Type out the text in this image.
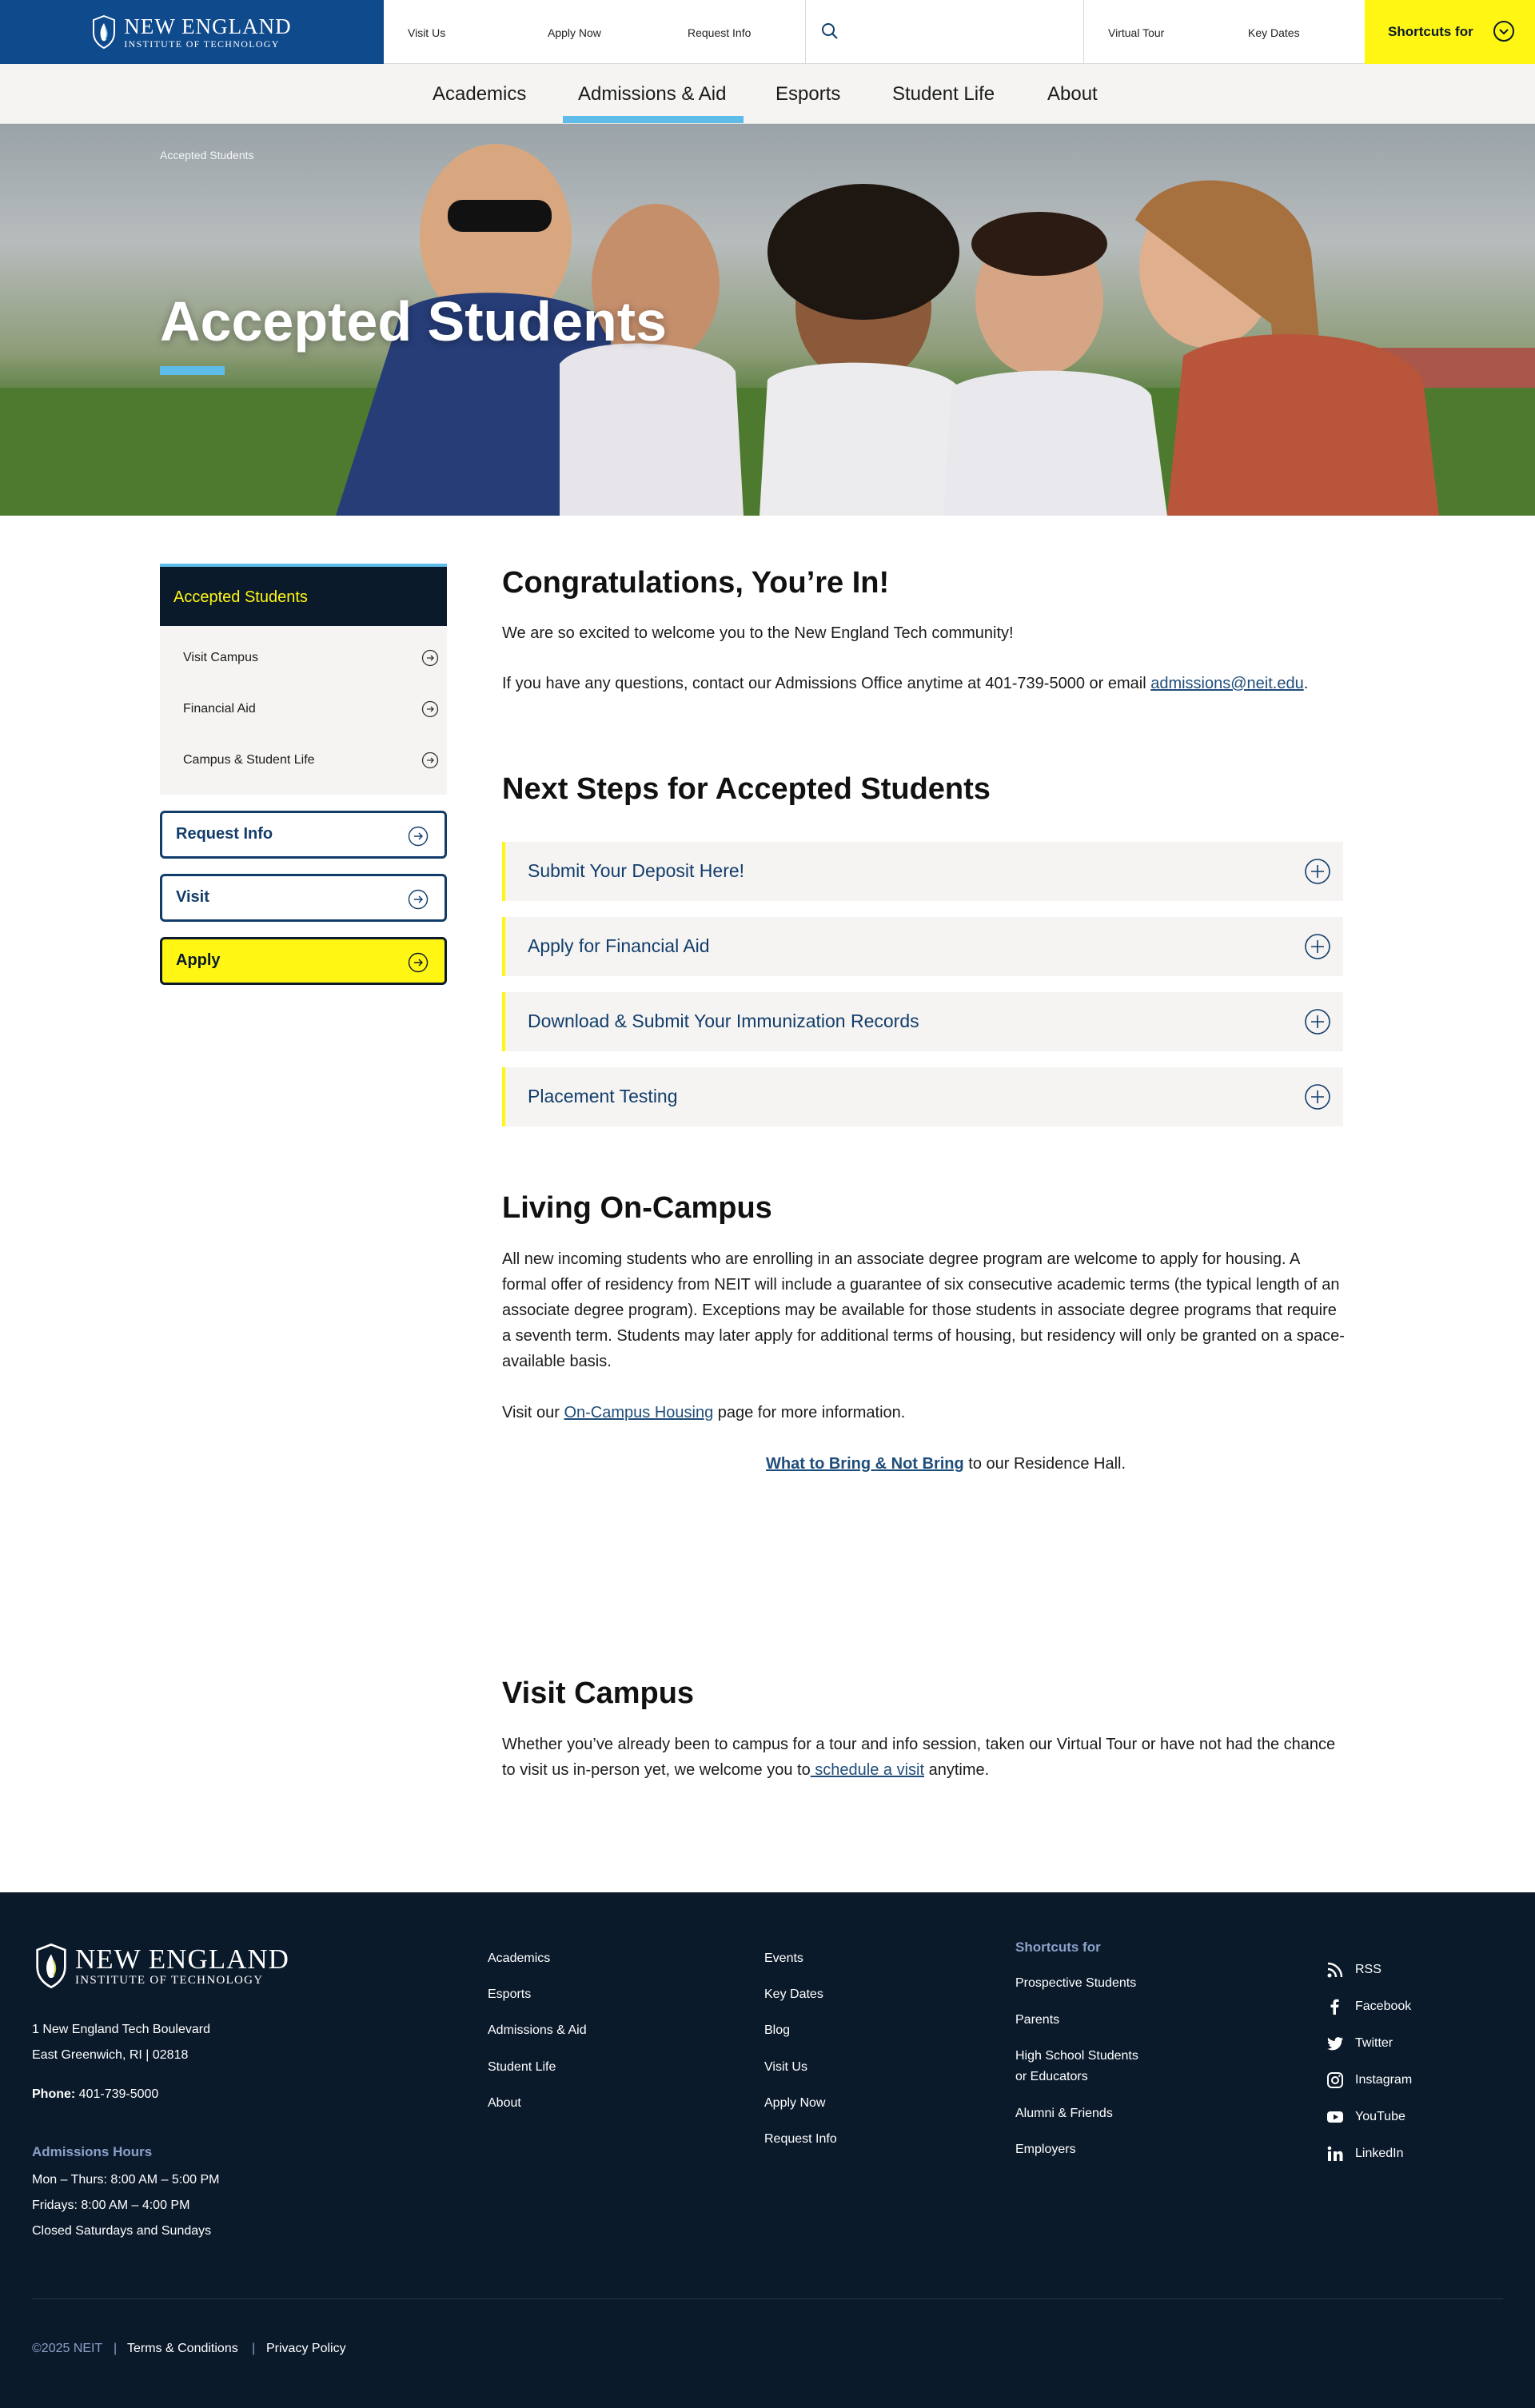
NEW ENGLAND
INSTITUTE OF TECHNOLOGY
Visit Us	Apply Now	Request Info	Virtual Tour	Key Dates	Shortcuts for
Academics	Admissions & Aid	Esports	Student Life	About
Accepted Students
Accepted Students
Accepted Students
Visit Campus
Financial Aid
Campus & Student Life
Request Info
Visit
Apply
Congratulations, You’re In!

We are so excited to welcome you to the New England Tech community!

If you have any questions, contact our Admissions Office anytime at 401-739-5000 or email admissions@neit.edu.

Next Steps for Accepted Students
Submit Your Deposit Here!
Apply for Financial Aid
Download & Submit Your Immunization Records
Placement Testing
Living On-Campus

All new incoming students who are enrolling in an associate degree program are welcome to apply for housing. A formal offer of residency from NEIT will include a guarantee of six consecutive academic terms (the typical length of an associate degree program). Exceptions may be available for those students in associate degree programs that require a seventh term. Students may later apply for additional terms of housing, but residency will only be granted on a space-available basis.

Visit our On-Campus Housing page for more information.

What to Bring & Not Bring to our Residence Hall.

Visit Campus

Whether you’ve already been to campus for a tour and info session, taken our Virtual Tour or have not had the chance to visit us in-person yet, we welcome you to schedule a visit anytime.

NEW ENGLAND
INSTITUTE OF TECHNOLOGY
1 New England Tech Boulevard
East Greenwich, RI | 02818
Phone: 401-739-5000
Admissions Hours
Mon – Thurs: 8:00 AM – 5:00 PM
Fridays: 8:00 AM – 4:00 PM
Closed Saturdays and Sundays
Academics
Esports
Admissions & Aid
Student Life
About
Events
Key Dates
Blog
Visit Us
Apply Now
Request Info
Shortcuts for
Prospective Students
Parents
High School Students
or Educators
Alumni & Friends
Employers
RSS
Facebook
Twitter
Instagram
YouTube
LinkedIn
©2025 NEIT | Terms & Conditions | Privacy Policy
